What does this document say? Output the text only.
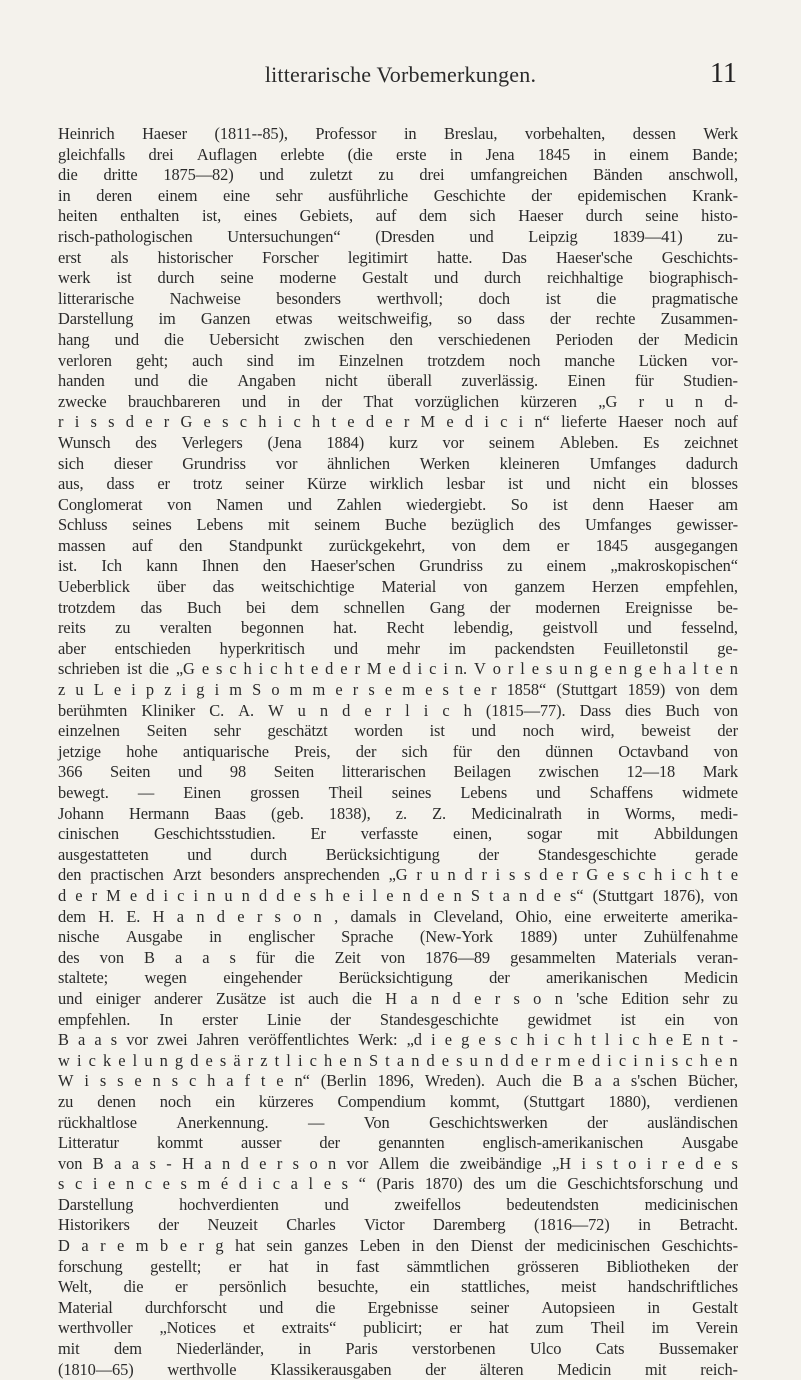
litterarische Vorbemerkungen.	11
Heinrich Haeser (1811--85), Professor in Breslau, vorbehalten, dessen Werk
gleichfalls drei Auflagen erlebte (die erste in Jena 1845 in einem Bande;
die dritte 1875—82) und zuletzt zu drei umfangreichen Bänden anschwoll,
in deren einem eine sehr ausführliche Geschichte der epidemischen Krank-
heiten enthalten ist, eines Gebiets, auf dem sich Haeser durch seine histo-
risch-pathologischen Untersuchungen“ (Dresden und Leipzig 1839—41) zu-
erst als historischer Forscher legitimirt hatte. Das Haeser'sche Geschichts-
werk ist durch seine moderne Gestalt und durch reichhaltige biographisch-
litterarische Nachweise besonders werthvoll; doch ist die pragmatische
Darstellung im Ganzen etwas weitschweifig, so dass der rechte Zusammen-
hang und die Uebersicht zwischen den verschiedenen Perioden der Medicin
verloren geht; auch sind im Einzelnen trotzdem noch manche Lücken vor-
handen und die Angaben nicht überall zuverlässig. Einen für Studien-
zwecke brauchbareren und in der That vorzüglichen kürzeren „G r u n d-
r i s s d e r G e s c h i c h t e d e r M e d i c i n“ lieferte Haeser noch auf
Wunsch des Verlegers (Jena 1884) kurz vor seinem Ableben. Es zeichnet
sich dieser Grundriss vor ähnlichen Werken kleineren Umfanges dadurch
aus, dass er trotz seiner Kürze wirklich lesbar ist und nicht ein blosses
Conglomerat von Namen und Zahlen wiedergiebt. So ist denn Haeser am
Schluss seines Lebens mit seinem Buche bezüglich des Umfanges gewisser-
massen auf den Standpunkt zurückgekehrt, von dem er 1845 ausgegangen
ist. Ich kann Ihnen den Haeser'schen Grundriss zu einem „makroskopischen“
Ueberblick über das weitschichtige Material von ganzem Herzen empfehlen,
trotzdem das Buch bei dem schnellen Gang der modernen Ereignisse be-
reits zu veralten begonnen hat. Recht lebendig, geistvoll und fesselnd,
aber entschieden hyperkritisch und mehr im packendsten Feuilletonstil ge-
schrieben ist die „G e s c h i c h t e d e r M e d i c i n. V o r l e s u n g e n g e h a l t e n
z u L e i p z i g i m S o m m e r s e m e s t e r 1858“ (Stuttgart 1859) von dem
berühmten Kliniker C. A. W u n d e r l i c h (1815—77). Dass dies Buch von
einzelnen Seiten sehr geschätzt worden ist und noch wird, beweist der
jetzige hohe antiquarische Preis, der sich für den dünnen Octavband von
366 Seiten und 98 Seiten litterarischen Beilagen zwischen 12—18 Mark
bewegt. — Einen grossen Theil seines Lebens und Schaffens widmete
Johann Hermann Baas (geb. 1838), z. Z. Medicinalrath in Worms, medi-
cinischen Geschichtsstudien. Er verfasste einen, sogar mit Abbildungen
ausgestatteten und durch Berücksichtigung der Standesgeschichte gerade
den practischen Arzt besonders ansprechenden „G r u n d r i s s d e r G e s c h i c h t e
d e r M e d i c i n u n d d e s h e i l e n d e n S t a n d e s“ (Stuttgart 1876), von
dem H. E. H a n d e r s o n , damals in Cleveland, Ohio, eine erweiterte amerika-
nische Ausgabe in englischer Sprache (New-York 1889) unter Zuhülfenahme
des von B a a s für die Zeit von 1876—89 gesammelten Materials veran-
staltete; wegen eingehender Berücksichtigung der amerikanischen Medicin
und einiger anderer Zusätze ist auch die H a n d e r s o n 'sche Edition sehr zu
empfehlen. In erster Linie der Standesgeschichte gewidmet ist ein von
B a a s vor zwei Jahren veröffentlichtes Werk: „d i e g e s c h i c h t l i c h e E n t -
w i c k e l u n g d e s ä r z t l i c h e n S t a n d e s u n d d e r m e d i c i n i s c h e n
W i s s e n s c h a f t e n“ (Berlin 1896, Wreden). Auch die B a a s'schen Bücher,
zu denen noch ein kürzeres Compendium kommt, (Stuttgart 1880), verdienen
rückhaltlose Anerkennung. — Von Geschichtswerken der ausländischen
Litteratur kommt ausser der genannten englisch-amerikanischen Ausgabe
von B a a s - H a n d e r s o n vor Allem die zweibändige „H i s t o i r e d e s
s c i e n c e s m é d i c a l e s “ (Paris 1870) des um die Geschichtsforschung und
Darstellung	hochverdienten	und	zweifellos	bedeutendsten	medicinischen
Historikers der Neuzeit Charles Victor Daremberg (1816—72) in Betracht.
D a r e m b e r g hat sein ganzes Leben in den Dienst der medicinischen Geschichts-
forschung gestellt; er hat in fast sämmtlichen grösseren Bibliotheken der
Welt, die er persönlich besuchte, ein stattliches, meist handschriftliches
Material durchforscht und die Ergebnisse seiner Autopsieen in Gestalt
werthvoller „Notices et extraits“ publicirt; er hat zum Theil im Verein
mit dem Niederländer, in Paris verstorbenen Ulco Cats Bussemaker
(1810—65) werthvolle Klassikerausgaben der älteren Medicin mit reich-
